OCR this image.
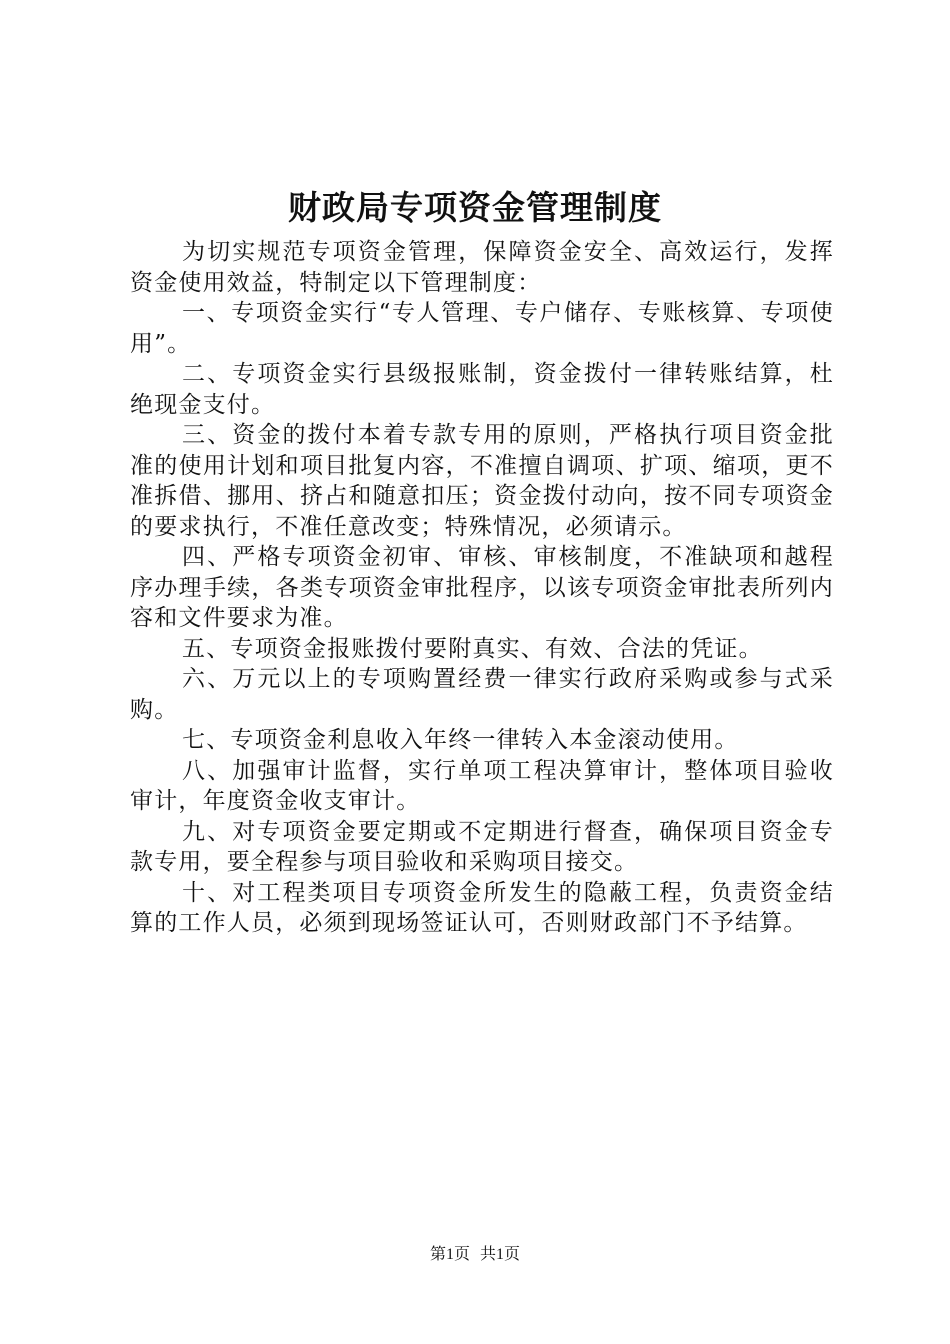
财政局专项资金管理制度

为切实规范专项资金管理，保障资金安全、高效运行，发挥资金使用效益，特制定以下管理制度：

一、专项资金实行“专人管理、专户储存、专账核算、专项使用”。

二、专项资金实行县级报账制，资金拨付一律转账结算，杜绝现金支付。

三、资金的拨付本着专款专用的原则，严格执行项目资金批准的使用计划和项目批复内容，不准擅自调项、扩项、缩项，更不准拆借、挪用、挤占和随意扣压；资金拨付动向，按不同专项资金的要求执行，不准任意改变；特殊情况，必须请示。

四、严格专项资金初审、审核、审核制度，不准缺项和越程序办理手续，各类专项资金审批程序，以该专项资金审批表所列内容和文件要求为准。

五、专项资金报账拨付要附真实、有效、合法的凭证。

六、万元以上的专项购置经费一律实行政府采购或参与式采购。

七、专项资金利息收入年终一律转入本金滚动使用。

八、加强审计监督，实行单项工程决算审计，整体项目验收审计，年度资金收支审计。

九、对专项资金要定期或不定期进行督查，确保项目资金专款专用，要全程参与项目验收和采购项目接交。

十、对工程类项目专项资金所发生的隐蔽工程，负责资金结算的工作人员，必须到现场签证认可，否则财政部门不予结算。

第1页 共1页
